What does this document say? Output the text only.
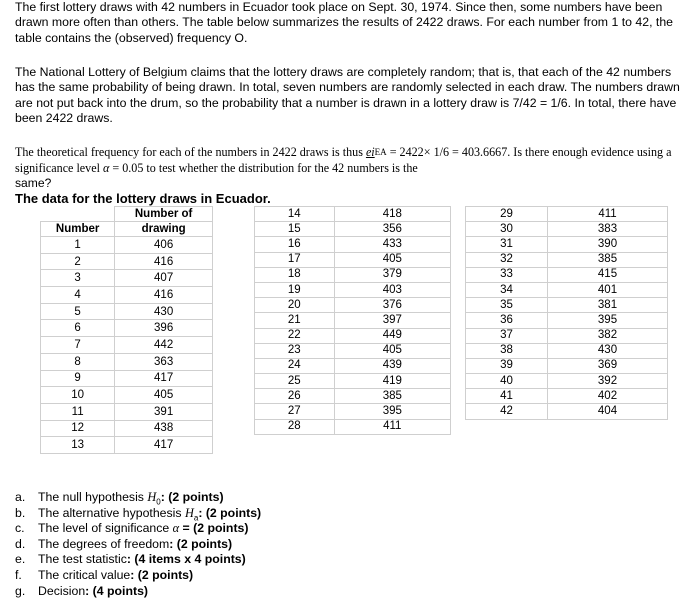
The first lottery draws with 42 numbers in Ecuador took place on Sept. 30, 1974. Since then, some numbers have been drawn more often than others. The table below summarizes the results of 2422 draws. For each number from 1 to 42, the table contains the (observed) frequency O.
The National Lottery of Belgium claims that the lottery draws are completely random; that is, that each of the 42 numbers has the same probability of being drawn. In total, seven numbers are randomly selected in each draw. The numbers drawn are not put back into the drum, so the probability that a number is drawn in a lottery draw is 7/42 = 1/6. In total, there have been 2422 draws.
The theoretical frequency for each of the numbers in 2422 draws is thus eiEA = 2422× 1/6 = 403.6667. Is there enough evidence using a significance level α = 0.05 to test whether the distribution for the 42 numbers is the
same?
The data for the lottery draws in Ecuador.
	Number of
Number	drawing
1	406
2	416
3	407
4	416
5	430
6	396
7	442
8	363
9	417
10	405
11	391
12	438
13	417
14	418
15	356
16	433
17	405
18	379
19	403
20	376
21	397
22	449
23	405
24	439
25	419
26	385
27	395
28	411
29	411
30	383
31	390
32	385
33	415
34	401
35	381
36	395
37	382
38	430
39	369
40	392
41	402
42	404
a. The null hypothesis $H_0$: (2 points)
b. The alternative hypothesis $H_a$: (2 points)
c. The level of significance α = (2 points)
d. The degrees of freedom: (2 points)
e. The test statistic: (4 items x 4 points)
f. The critical value: (2 points)
g. Decision: (4 points)
